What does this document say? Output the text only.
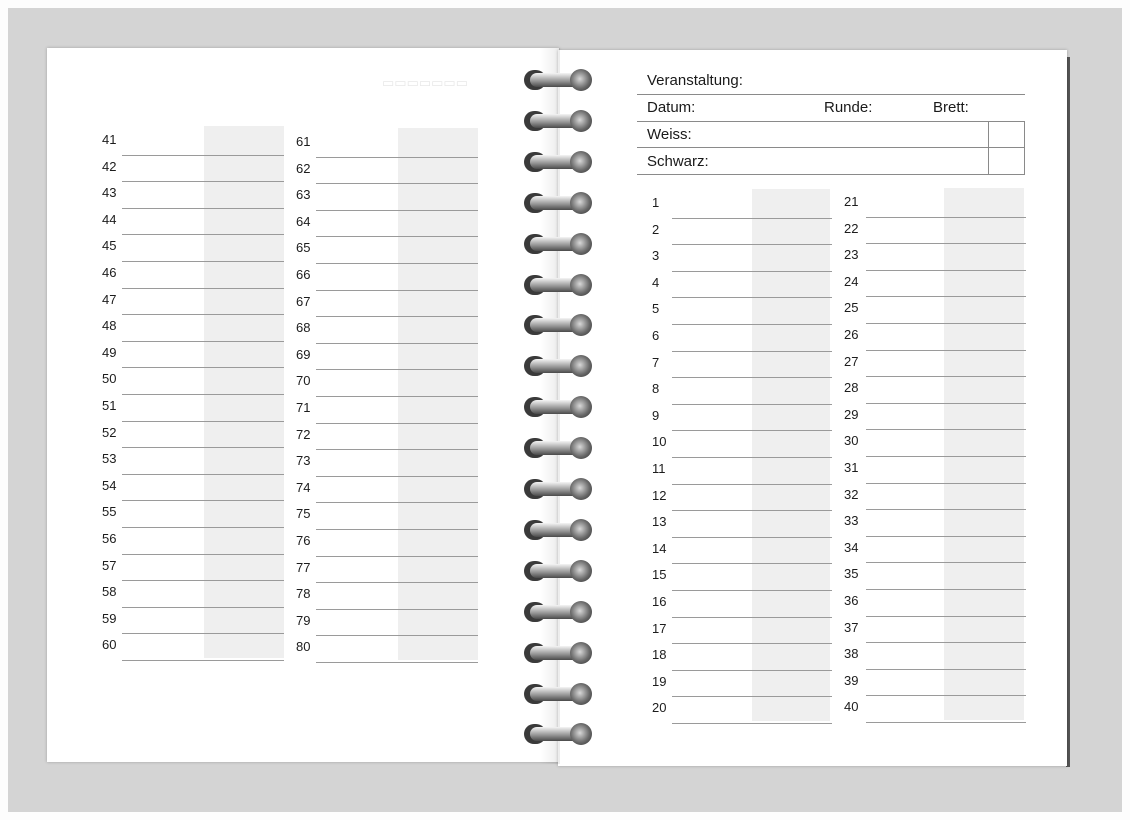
▭▭▭▭▭▭▭	Veranstaltung:
Datum:	Runde:	Brett:
Weiss:
Schwarz:
41
42
43
44
45
46
47
48
49
50
51
52
53
54
55
56
57
58
59
60
61
62
63
64
65
66
67
68
69
70
71
72
73
74
75
76
77
78
79
80
1
2
3
4
5
6
7
8
9
10
11
12
13
14
15
16
17
18
19
20
21
22
23
24
25
26
27
28
29
30
31
32
33
34
35
36
37
38
39
40
